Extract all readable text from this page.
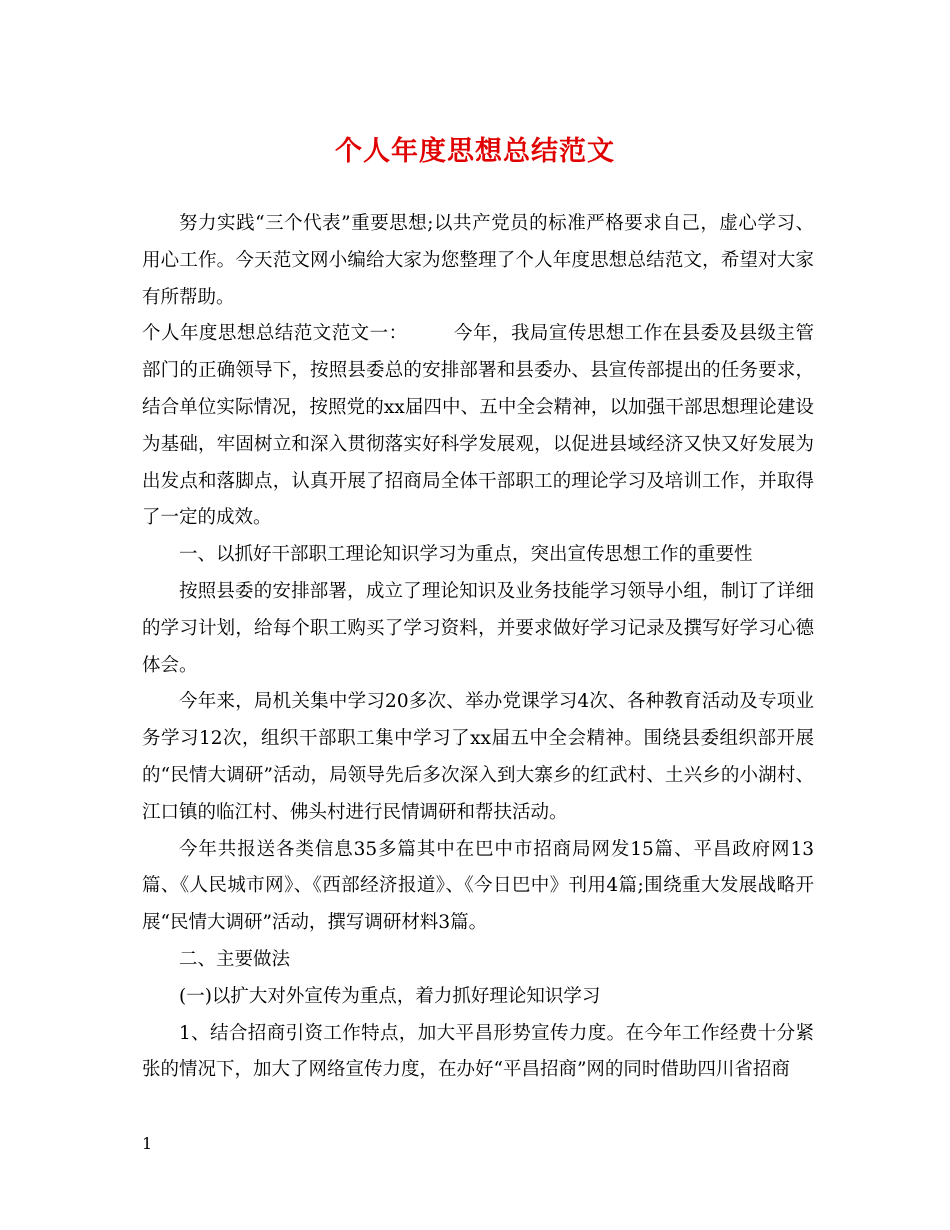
个人年度思想总结范文

努力实践“三个代表”重要思想;以共产党员的标准严格要求自己，虚心学习、用心工作。今天范文网小编给大家为您整理了个人年度思想总结范文，希望对大家有所帮助。

个人年度思想总结范文范文一： 今年，我局宣传思想工作在县委及县级主管部门的正确领导下，按照县委总的安排部署和县委办、县宣传部提出的任务要求，结合单位实际情况，按照党的xx届四中、五中全会精神，以加强干部思想理论建设为基础，牢固树立和深入贯彻落实好科学发展观，以促进县域经济又快又好发展为出发点和落脚点，认真开展了招商局全体干部职工的理论学习及培训工作，并取得了一定的成效。

一、以抓好干部职工理论知识学习为重点，突出宣传思想工作的重要性

按照县委的安排部署，成立了理论知识及业务技能学习领导小组，制订了详细的学习计划，给每个职工购买了学习资料，并要求做好学习记录及撰写好学习心德体会。

今年来，局机关集中学习20多次、举办党课学习4次、各种教育活动及专项业务学习12次，组织干部职工集中学习了xx届五中全会精神。围绕县委组织部开展的“民情大调研”活动，局领导先后多次深入到大寨乡的红武村、土兴乡的小湖村、江口镇的临江村、佛头村进行民情调研和帮扶活动。

今年共报送各类信息35多篇其中在巴中市招商局网发15篇、平昌政府网13篇、《人民城市网》、《西部经济报道》、《今日巴中》刊用4篇;围绕重大发展战略开展“民情大调研”活动，撰写调研材料3篇。

二、主要做法

(一)以扩大对外宣传为重点，着力抓好理论知识学习

1、结合招商引资工作特点，加大平昌形势宣传力度。在今年工作经费十分紧张的情况下，加大了网络宣传力度，在办好“平昌招商”网的同时借助四川省招商

1
